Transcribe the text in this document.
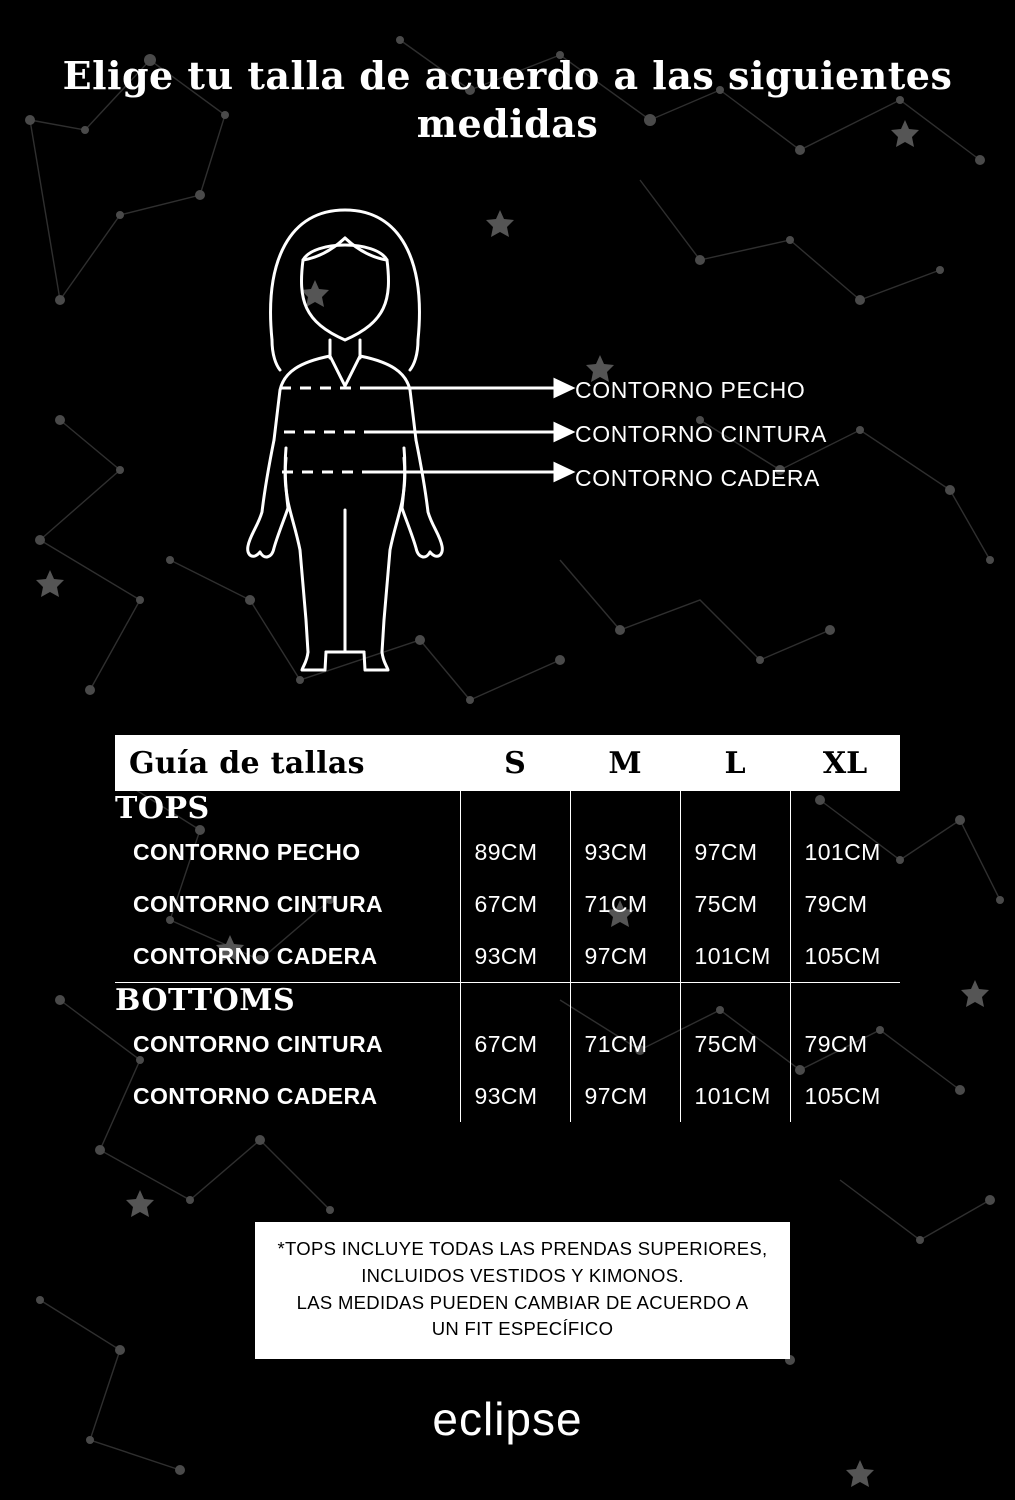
Elige tu talla de acuerdo a las siguientes medidas
CONTORNO PECHO
CONTORNO CINTURA
CONTORNO CADERA
Guía de tallas	S	M	L	XL
TOPS				
CONTORNO PECHO	89CM	93CM	97CM	101CM
CONTORNO CINTURA	67CM	71CM	75CM	79CM
CONTORNO CADERA	93CM	97CM	101CM	105CM

BOTTOMS				
CONTORNO CINTURA	67CM	71CM	75CM	79CM
CONTORNO CADERA	93CM	97CM	101CM	105CM
*TOPS INCLUYE TODAS LAS PRENDAS SUPERIORES,
INCLUIDOS VESTIDOS Y KIMONOS.
LAS MEDIDAS PUEDEN CAMBIAR DE ACUERDO A
UN FIT ESPECÍFICO
eclipse
